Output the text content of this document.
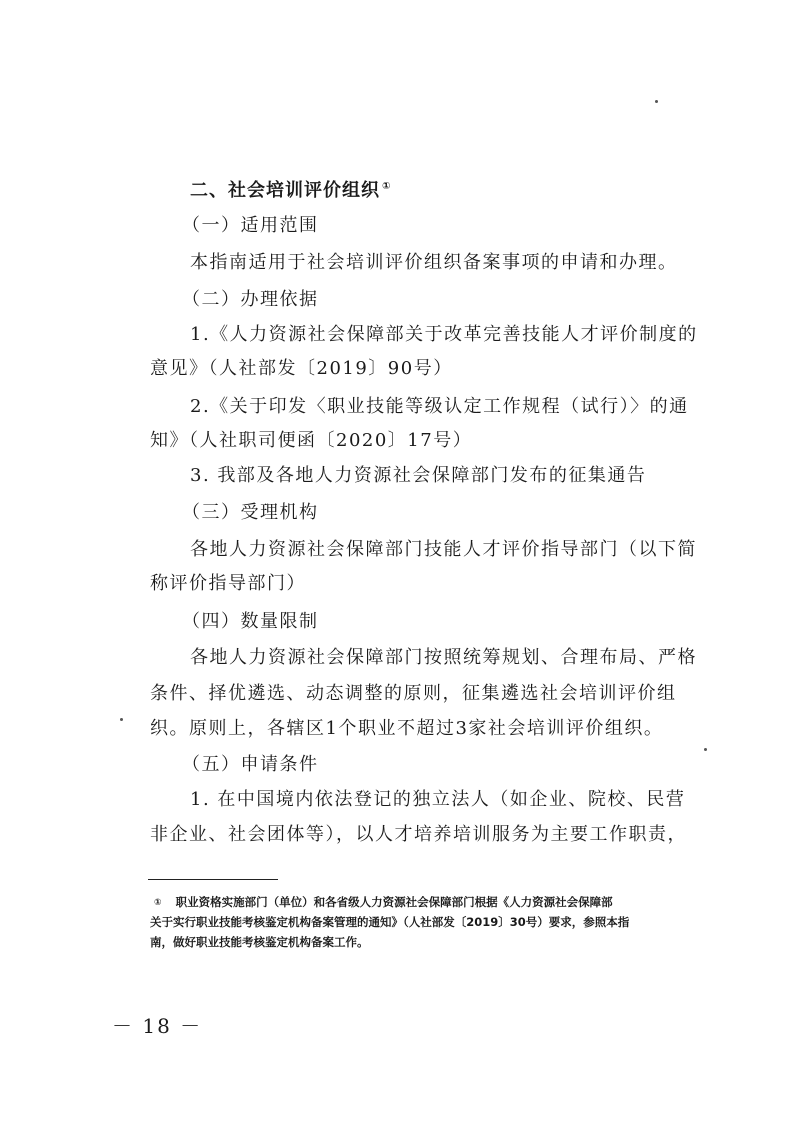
二、社会培训评价组织 ①
（一）适用范围
本指南适用于社会培训评价组织备案事项的申请和办理。
（二）办理依据
1.《人力资源社会保障部关于改革完善技能人才评价制度的
意见》（人社部发〔2019〕90号）
2.《关于印发〈职业技能等级认定工作规程（试行）〉的通
知》（人社职司便函〔2020〕17号）
3. 我部及各地人力资源社会保障部门发布的征集通告
（三）受理机构
各地人力资源社会保障部门技能人才评价指导部门（以下简
称评价指导部门）
（四）数量限制
各地人力资源社会保障部门按照统筹规划、合理布局、严格
条件、择优遴选、动态调整的原则，征集遴选社会培训评价组
织。原则上，各辖区1个职业不超过3家社会培训评价组织。
（五）申请条件
1. 在中国境内依法登记的独立法人（如企业、院校、民营
非企业、社会团体等），以人才培养培训服务为主要工作职责，
① 职业资格实施部门（单位）和各省级人力资源社会保障部门根据《人力资源社会保障部
关于实行职业技能考核鉴定机构备案管理的通知》（人社部发〔2019〕30号）要求，参照本指
南，做好职业技能考核鉴定机构备案工作。
－ 18 －
